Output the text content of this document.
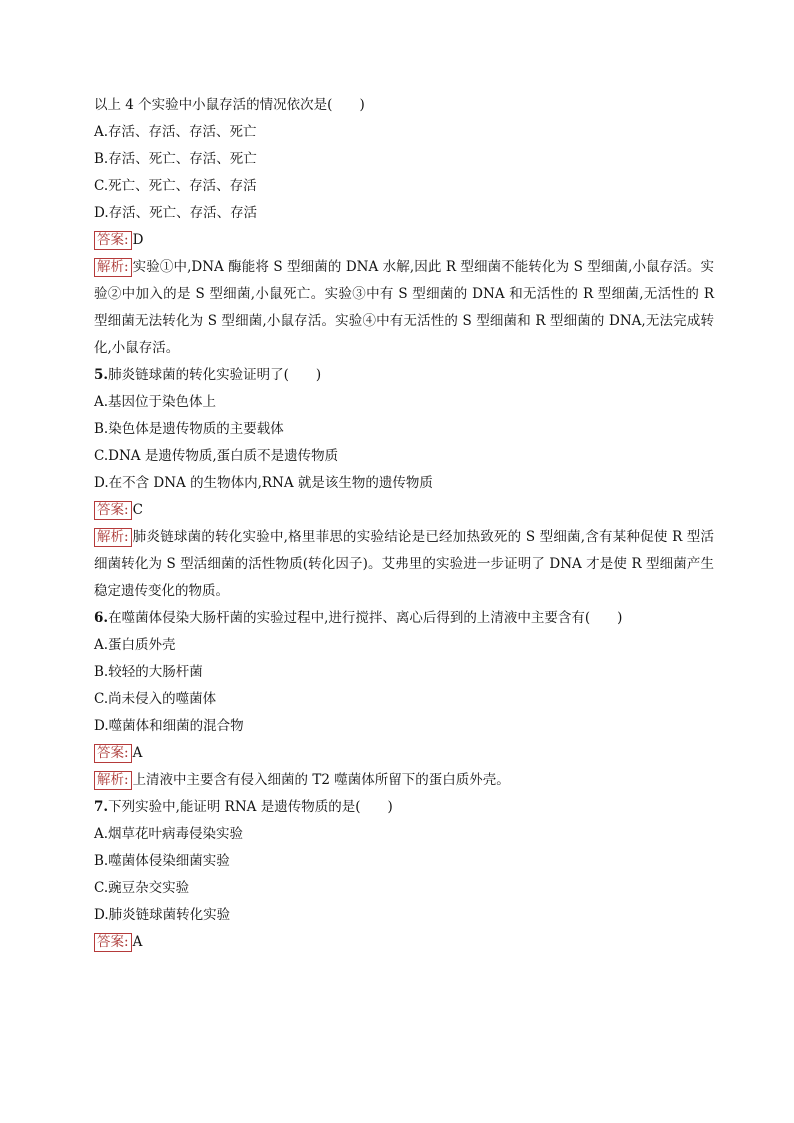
以上 4 个实验中小鼠存活的情况依次是(　　)
A.存活、存活、存活、死亡
B.存活、死亡、存活、死亡
C.死亡、死亡、存活、存活
D.存活、死亡、存活、存活
答案: D
解析: 实验①中,DNA 酶能将 S 型细菌的 DNA 水解,因此 R 型细菌不能转化为 S 型细菌,小鼠存活。实验②中加入的是 S 型细菌,小鼠死亡。实验③中有 S 型细菌的 DNA 和无活性的 R 型细菌,无活性的 R 型细菌无法转化为 S 型细菌,小鼠存活。实验④中有无活性的 S 型细菌和 R 型细菌的 DNA,无法完成转化,小鼠存活。
5.肺炎链球菌的转化实验证明了(　　)
A.基因位于染色体上
B.染色体是遗传物质的主要载体
C.DNA 是遗传物质,蛋白质不是遗传物质
D.在不含 DNA 的生物体内,RNA 就是该生物的遗传物质
答案: C
解析: 肺炎链球菌的转化实验中,格里菲思的实验结论是已经加热致死的 S 型细菌,含有某种促使 R 型活细菌转化为 S 型活细菌的活性物质(转化因子)。艾弗里的实验进一步证明了 DNA 才是使 R 型细菌产生稳定遗传变化的物质。
6.在噬菌体侵染大肠杆菌的实验过程中,进行搅拌、离心后得到的上清液中主要含有(　　)
A.蛋白质外壳
B.较轻的大肠杆菌
C.尚未侵入的噬菌体
D.噬菌体和细菌的混合物
答案: A
解析: 上清液中主要含有侵入细菌的 T2 噬菌体所留下的蛋白质外壳。
7.下列实验中,能证明 RNA 是遗传物质的是(　　)
A.烟草花叶病毒侵染实验
B.噬菌体侵染细菌实验
C.豌豆杂交实验
D.肺炎链球菌转化实验
答案: A
